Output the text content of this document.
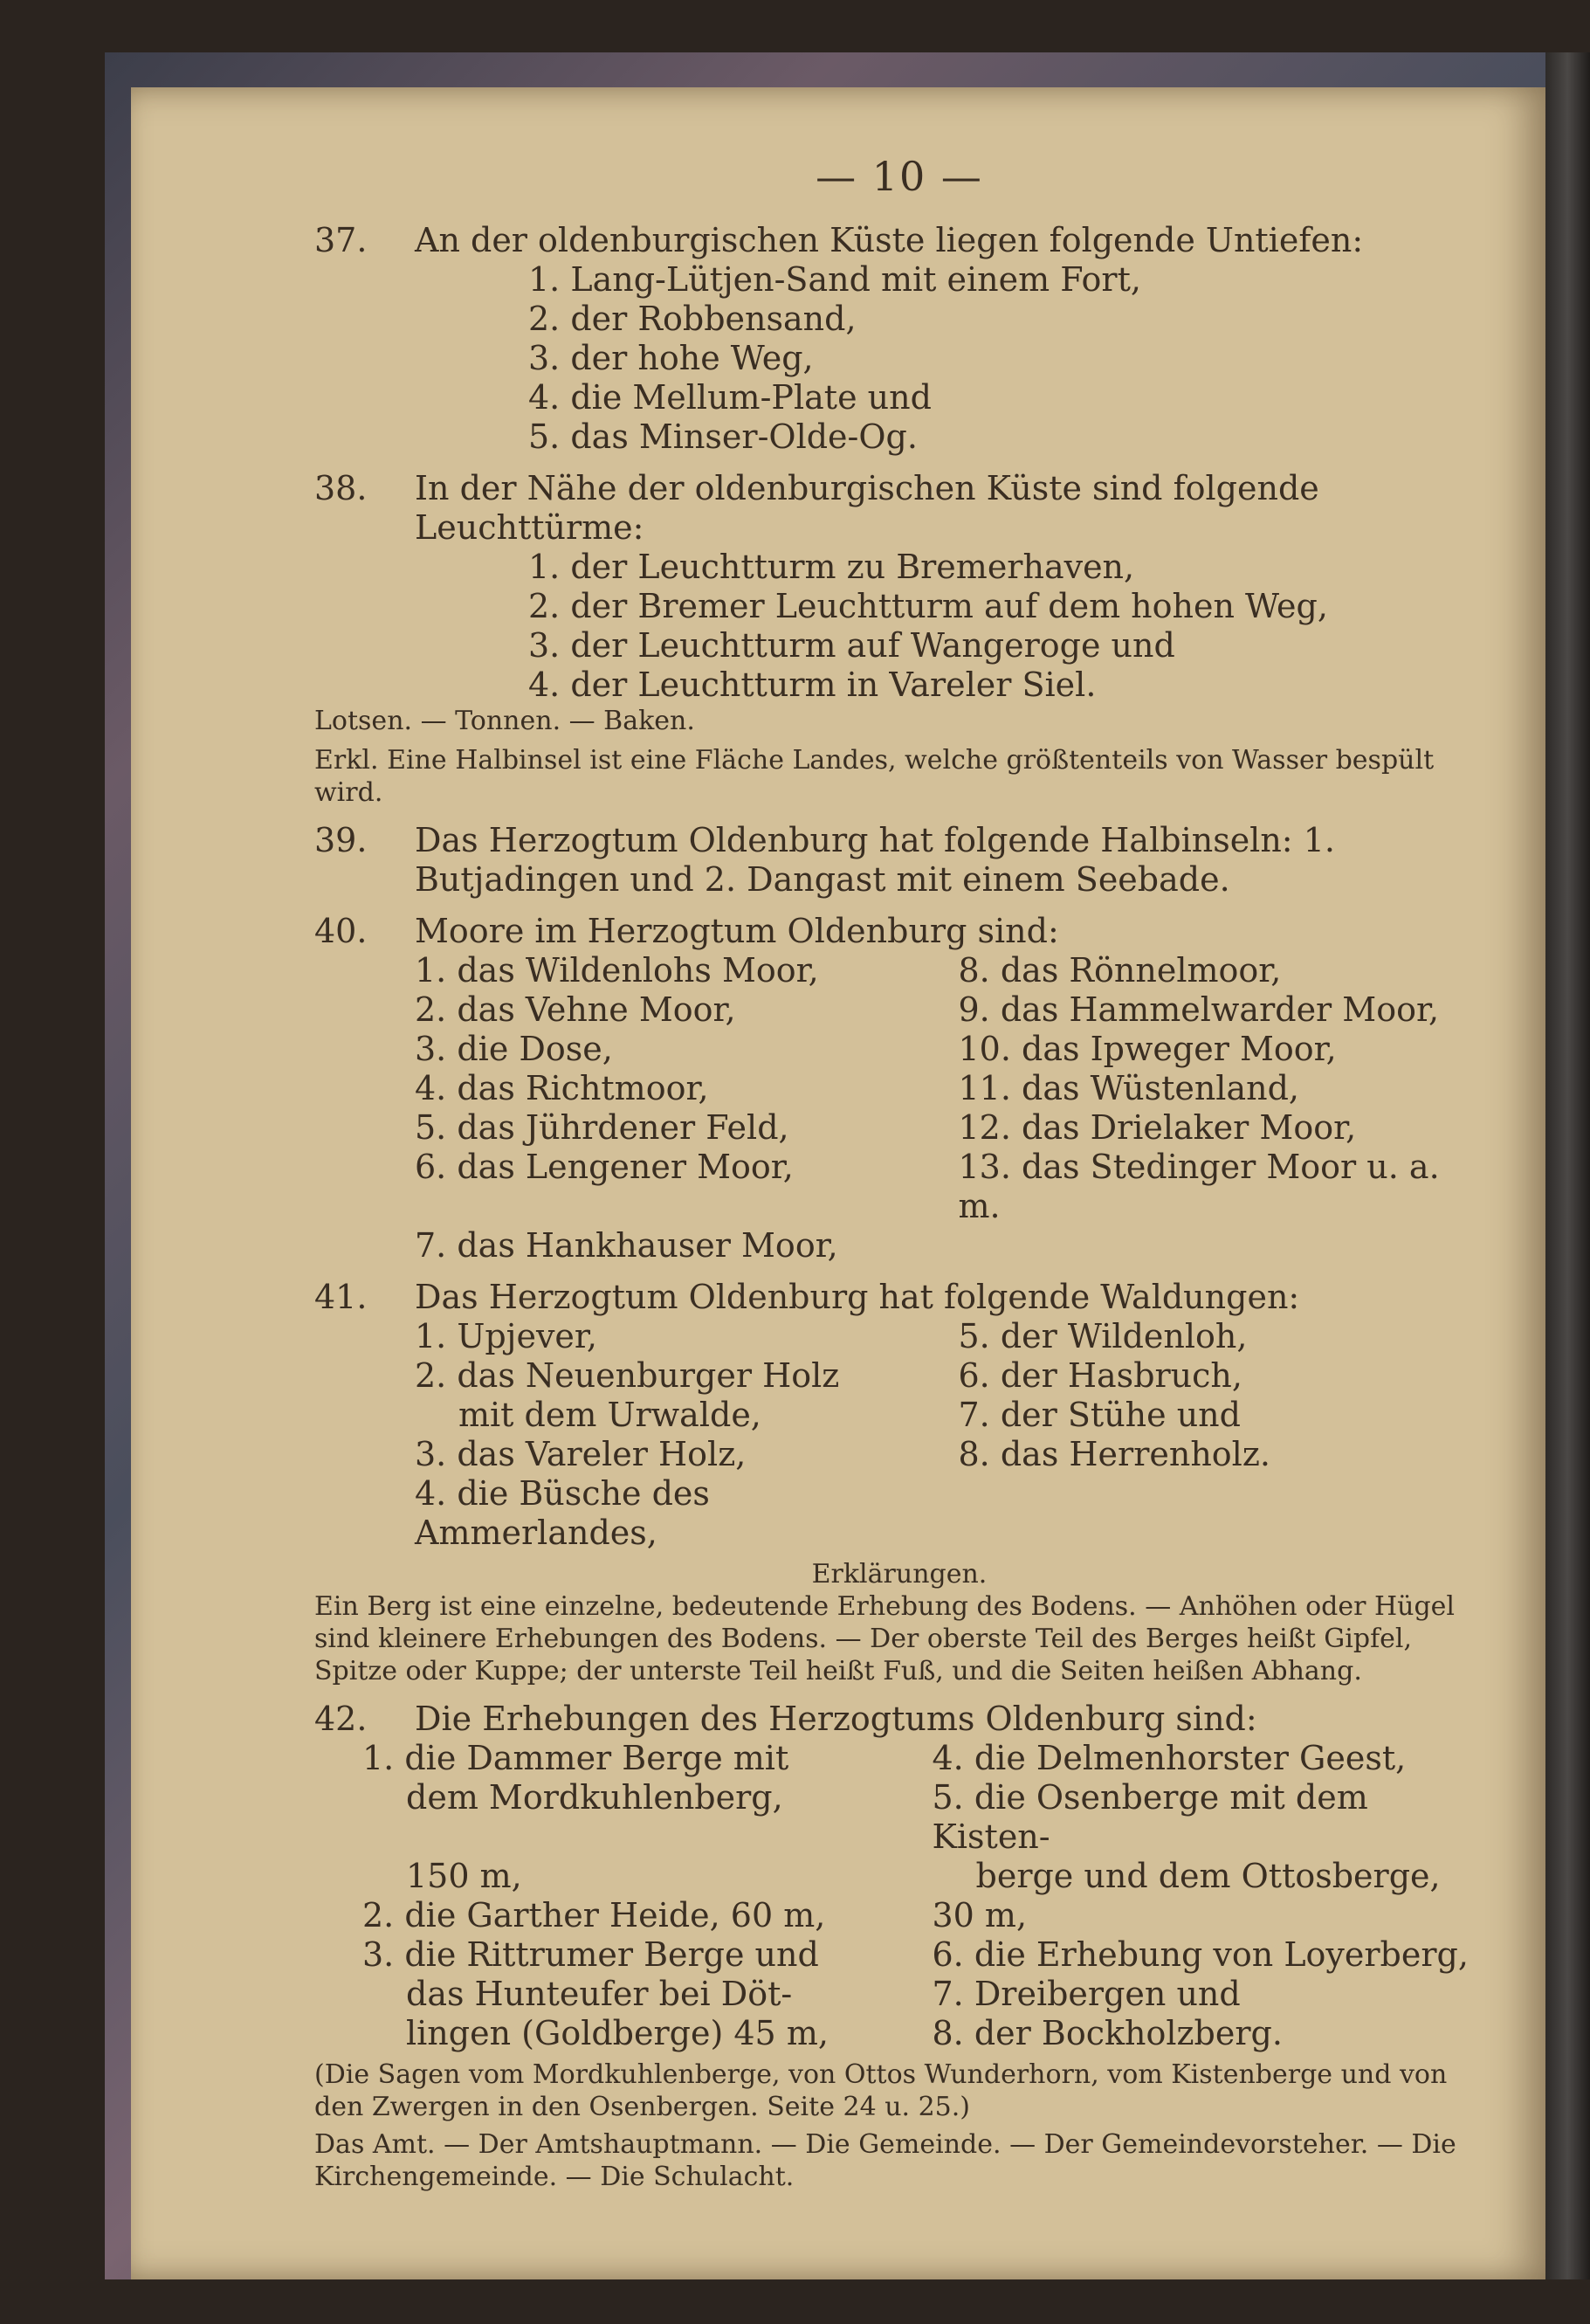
— 10 —
37.	An der oldenburgischen Küste liegen folgende Untiefen:
1. Lang-Lütjen-Sand mit einem Fort,
2. der Robbensand,
3. der hohe Weg,
4. die Mellum-Plate und
5. das Minser-Olde-Og.
38.	In der Nähe der oldenburgischen Küste sind folgende Leuchttürme:
1. der Leuchtturm zu Bremerhaven,
2. der Bremer Leuchtturm auf dem hohen Weg,
3. der Leuchtturm auf Wangeroge und
4. der Leuchtturm in Vareler Siel.
Lotsen. — Tonnen. — Baken.
Erkl. Eine Halbinsel ist eine Fläche Landes, welche größtenteils von Wasser bespült wird.
39.	Das Herzogtum Oldenburg hat folgende Halbinseln: 1. Butjadingen und 2. Dangast mit einem Seebade.
40.	Moore im Herzogtum Oldenburg sind:
1. das Wildenlohs Moor,	8. das Rönnelmoor,
2. das Vehne Moor,	9. das Hammelwarder Moor,
3. die Dose,	10. das Ipweger Moor,
4. das Richtmoor,	11. das Wüstenland,
5. das Jührdener Feld,	12. das Drielaker Moor,
6. das Lengener Moor,	13. das Stedinger Moor u. a. m.
7. das Hankhauser Moor,
41.	Das Herzogtum Oldenburg hat folgende Waldungen:
1. Upjever,	5. der Wildenloh,
2. das Neuenburger Holz	6. der Hasbruch,
mit dem Urwalde,	7. der Stühe und
3. das Vareler Holz,	8. das Herrenholz.
4. die Büsche des Ammerlandes,
Erklärungen.
Ein Berg ist eine einzelne, bedeutende Erhebung des Bodens. — Anhöhen oder Hügel sind kleinere Erhebungen des Bodens. — Der oberste Teil des Berges heißt Gipfel, Spitze oder Kuppe; der unterste Teil heißt Fuß, und die Seiten heißen Abhang.
42.	Die Erhebungen des Herzogtums Oldenburg sind:
1. die Dammer Berge mit	4. die Delmenhorster Geest,
dem Mordkuhlenberg,	5. die Osenberge mit dem Kisten-
150 m,	berge und dem Ottosberge,
2. die Garther Heide, 60 m,	30 m,
3. die Rittrumer Berge und	6. die Erhebung von Loyerberg,
das Hunteufer bei Döt-	7. Dreibergen und
lingen (Goldberge) 45 m,	8. der Bockholzberg.
(Die Sagen vom Mordkuhlenberge, von Ottos Wunderhorn, vom Kistenberge und von den Zwergen in den Osenbergen. Seite 24 u. 25.)
Das Amt. — Der Amtshauptmann. — Die Gemeinde. — Der Gemeindevorsteher. — Die Kirchengemeinde. — Die Schulacht.
